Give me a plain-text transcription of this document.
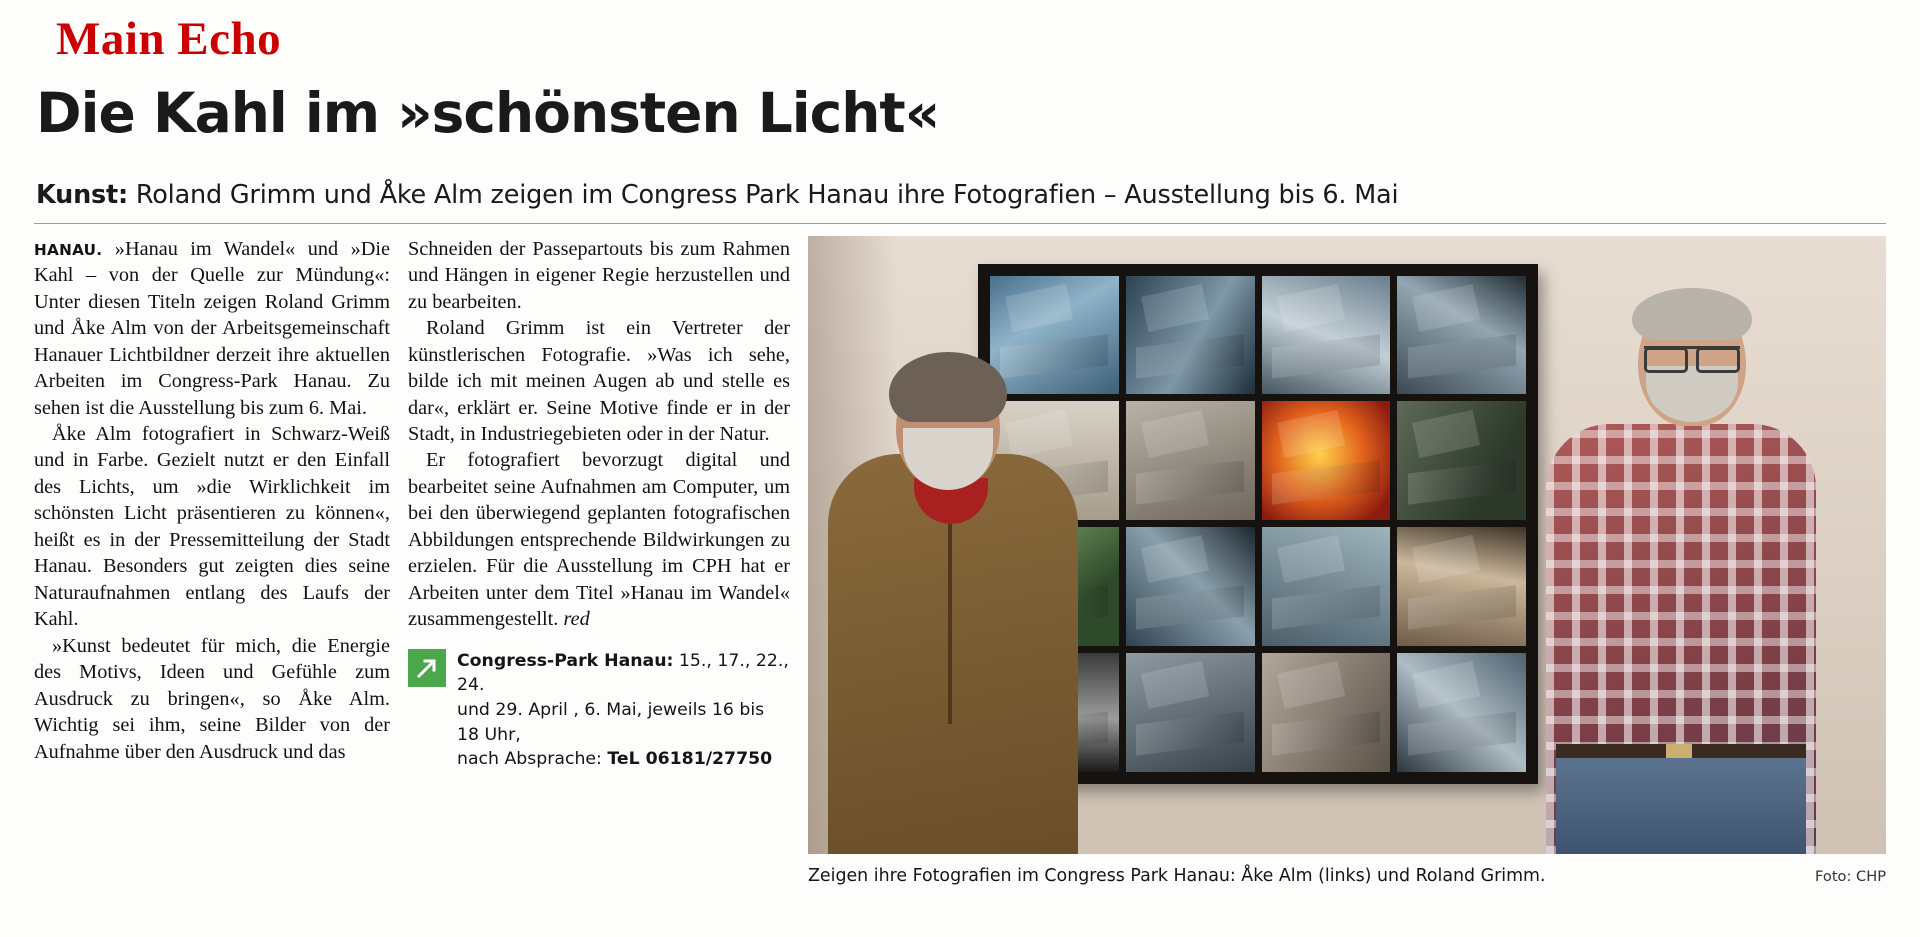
Main Echo
Die Kahl im »schönsten Licht«
Kunst: Roland Grimm und Åke Alm zeigen im Congress Park Hanau ihre Fotografien – Ausstellung bis 6. Mai

HANAU. »Hanau im Wandel« und »Die Kahl – von der Quelle zur Mündung«: Unter diesen Titeln zeigen Roland Grimm und Åke Alm von der Arbeitsgemeinschaft Hanauer Lichtbildner derzeit ihre aktuellen Arbeiten im Congress-Park Hanau. Zu sehen ist die Ausstellung bis zum 6. Mai.

Åke Alm fotografiert in Schwarz-Weiß und in Farbe. Gezielt nutzt er den Einfall des Lichts, um »die Wirklichkeit im schönsten Licht präsentieren zu können«, heißt es in der Pressemitteilung der Stadt Hanau. Besonders gut zeigten dies seine Naturaufnahmen entlang des Laufs der Kahl.

»Kunst bedeutet für mich, die Energie des Motivs, Ideen und Gefühle zum Ausdruck zu bringen«, so Åke Alm. Wichtig sei ihm, seine Bilder von der Aufnahme über den Ausdruck und das

Schneiden der Passepartouts bis zum Rahmen und Hängen in eigener Regie herzustellen und zu bearbeiten.

Roland Grimm ist ein Vertreter der künstlerischen Fotografie. »Was ich sehe, bilde ich mit meinen Augen ab und stelle es dar«, erklärt er. Seine Motive finde er in der Stadt, in Industriegebieten oder in der Natur.

Er fotografiert bevorzugt digital und bearbeitet seine Aufnahmen am Computer, um bei den überwiegend geplanten fotografischen Abbildungen entsprechende Bildwirkungen zu erzielen. Für die Ausstellung im CPH hat er Arbeiten unter dem Titel »Hanau im Wandel« zusammengestellt. red

Congress-Park Hanau: 15., 17., 22., 24.
und 29. April , 6. Mai, jeweils 16 bis 18 Uhr,
nach Absprache: TeL 06181/27750
Zeigen ihre Fotografien im Congress Park Hanau: Åke Alm (links) und Roland Grimm.	Foto: CHP
